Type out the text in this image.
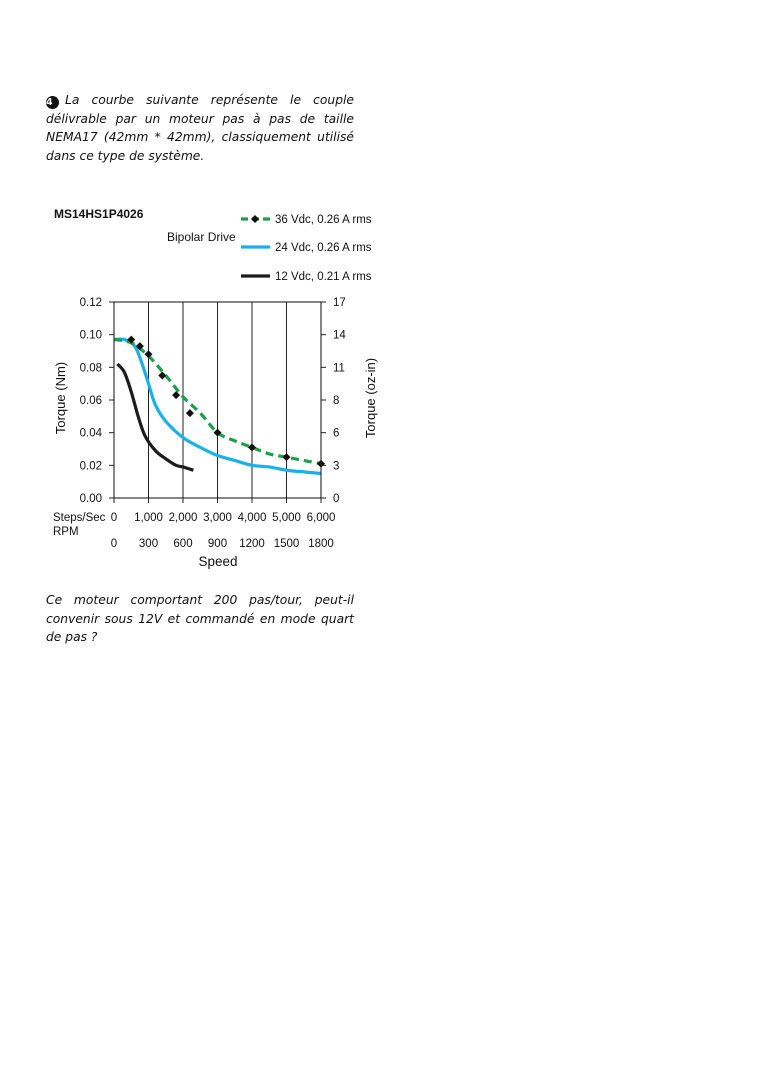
4 La courbe suivante représente le couple délivrable par un moteur pas à pas de taille NEMA17 (42mm * 42mm), classiquement utilisé dans ce type de système.
MS14HS1P4026
Bipolar Drive
36 Vdc, 0.26 A rms
24 Vdc, 0.26 A rms
12 Vdc, 0.21 A rms
0.00	0
0.02	3
0.04	6
0.06	8
0.08	11
0.10	14
0.12	17
0
0
1,000
300
2,000
600
3,000
900
4,000
1200
5,000
1500
6,000
1800
Torque (Nm)	Torque (oz-in)
Steps/Sec
RPM
Speed
Ce moteur comportant 200 pas/tour, peut-il convenir sous 12V et commandé en mode quart de pas ?
